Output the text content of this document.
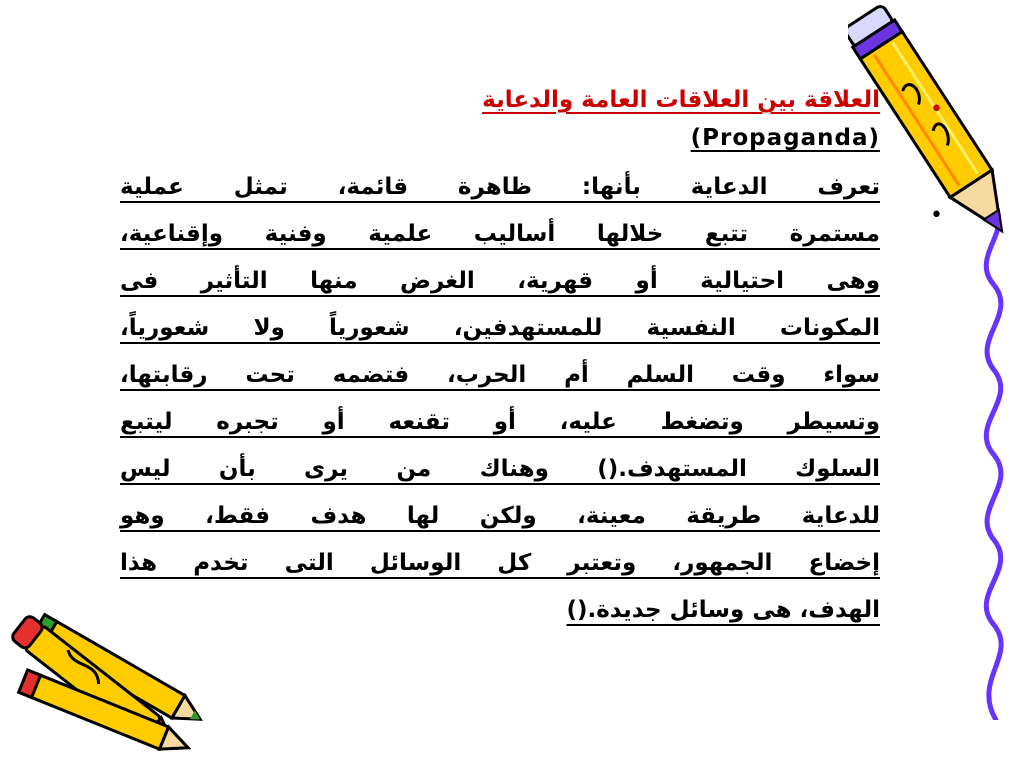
•
•
العلاقة بين العلاقات العامة والدعاية
(Propaganda)
تعرف الدعاية بأنها: ظاهرة قائمة، تمثل عملية
مستمرة تتبع خلالها أساليب علمية وفنية وإقناعية،
وهى احتيالية أو قهرية، الغرض منها التأثير فى
المكونات النفسية للمستهدفين، شعورياً ولا شعورياً،
سواء وقت السلم أم الحرب، فتضمه تحت رقابتها،
وتسيطر وتضغط عليه، أو تقنعه أو تجبره ليتبع
السلوك المستهدف.() وهناك من يرى بأن ليس
للدعاية طريقة معينة، ولكن لها هدف فقط، وهو
إخضاع الجمهور، وتعتبر كل الوسائل التى تخدم هذا
الهدف، هى وسائل جديدة.()
